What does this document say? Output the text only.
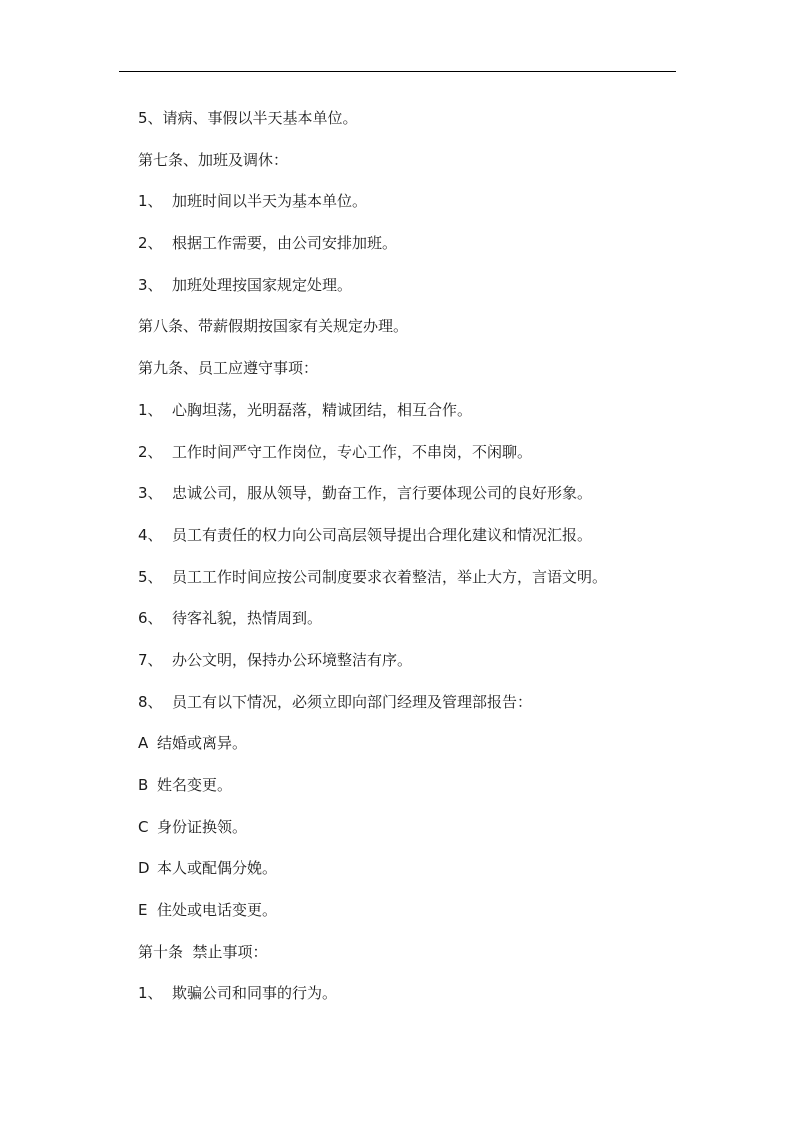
5、请病、事假以半天基本单位。
第七条、加班及调休：
1、 加班时间以半天为基本单位。
2、 根据工作需要，由公司安排加班。
3、 加班处理按国家规定处理。
第八条、带薪假期按国家有关规定办理。
第九条、员工应遵守事项：
1、 心胸坦荡，光明磊落，精诚团结，相互合作。
2、 工作时间严守工作岗位，专心工作，不串岗，不闲聊。
3、 忠诚公司，服从领导，勤奋工作，言行要体现公司的良好形象。
4、 员工有责任的权力向公司高层领导提出合理化建议和情况汇报。
5、 员工工作时间应按公司制度要求衣着整洁，举止大方，言语文明。
6、 待客礼貌，热情周到。
7、 办公文明，保持办公环境整洁有序。
8、 员工有以下情况，必须立即向部门经理及管理部报告：
A 结婚或离异。
B 姓名变更。
C 身份证换领。
D 本人或配偶分娩。
E 住处或电话变更。
第十条  禁止事项：
1、 欺骗公司和同事的行为。
